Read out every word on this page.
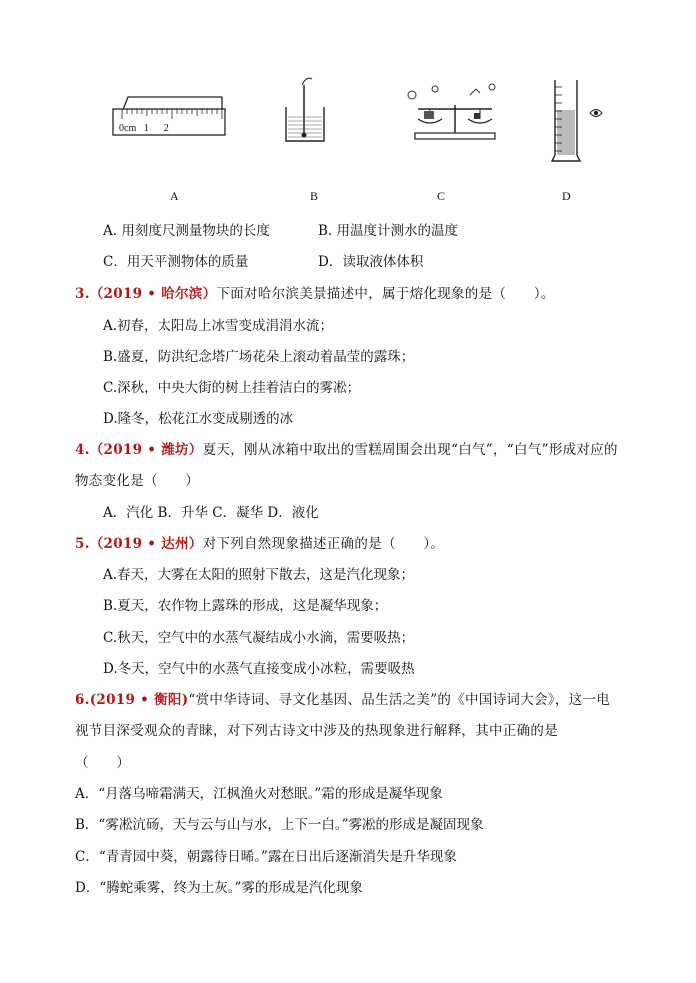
0cm   1      2
A	B	C	D
A. 用刻度尺测量物块的长度	B. 用温度计测水的温度
C．用天平测物体的质量	D．读取液体体积
3.（2019 • 哈尔滨）下面对哈尔滨美景描述中，属于熔化现象的是（　　）。
A.初春，太阳岛上冰雪变成涓涓水流；
B.盛夏，防洪纪念塔广场花朵上滚动着晶莹的露珠；
C.深秋，中央大街的树上挂着洁白的雾凇；
D.隆冬，松花江水变成剔透的冰
4.（2019 • 潍坊）夏天，刚从冰箱中取出的雪糕周围会出现“白气”，“白气”形成对应的
物态变化是（　　）
A．汽化 B．升华 C．凝华 D．液化
5.（2019 • 达州）对下列自然现象描述正确的是（　　）。
A.春天，大雾在太阳的照射下散去，这是汽化现象；
B.夏天，农作物上露珠的形成，这是凝华现象；
C.秋天，空气中的水蒸气凝结成小水滴，需要吸热；
D.冬天，空气中的水蒸气直接变成小冰粒，需要吸热
6.(2019 • 衡阳)“赏中华诗词、寻文化基因、品生活之美”的《中国诗词大会》，这一电
视节目深受观众的青睐，对下列古诗文中涉及的热现象进行解释，其中正确的是
（　　）
A．“月落乌啼霜满天，江枫渔火对愁眠。”霜的形成是凝华现象
B．“雾凇沆砀，天与云与山与水，上下一白。”雾凇的形成是凝固现象
C．“青青园中葵，朝露待日晞。”露在日出后逐渐消失是升华现象
D．“腾蛇乘雾，终为土灰。”雾的形成是汽化现象
